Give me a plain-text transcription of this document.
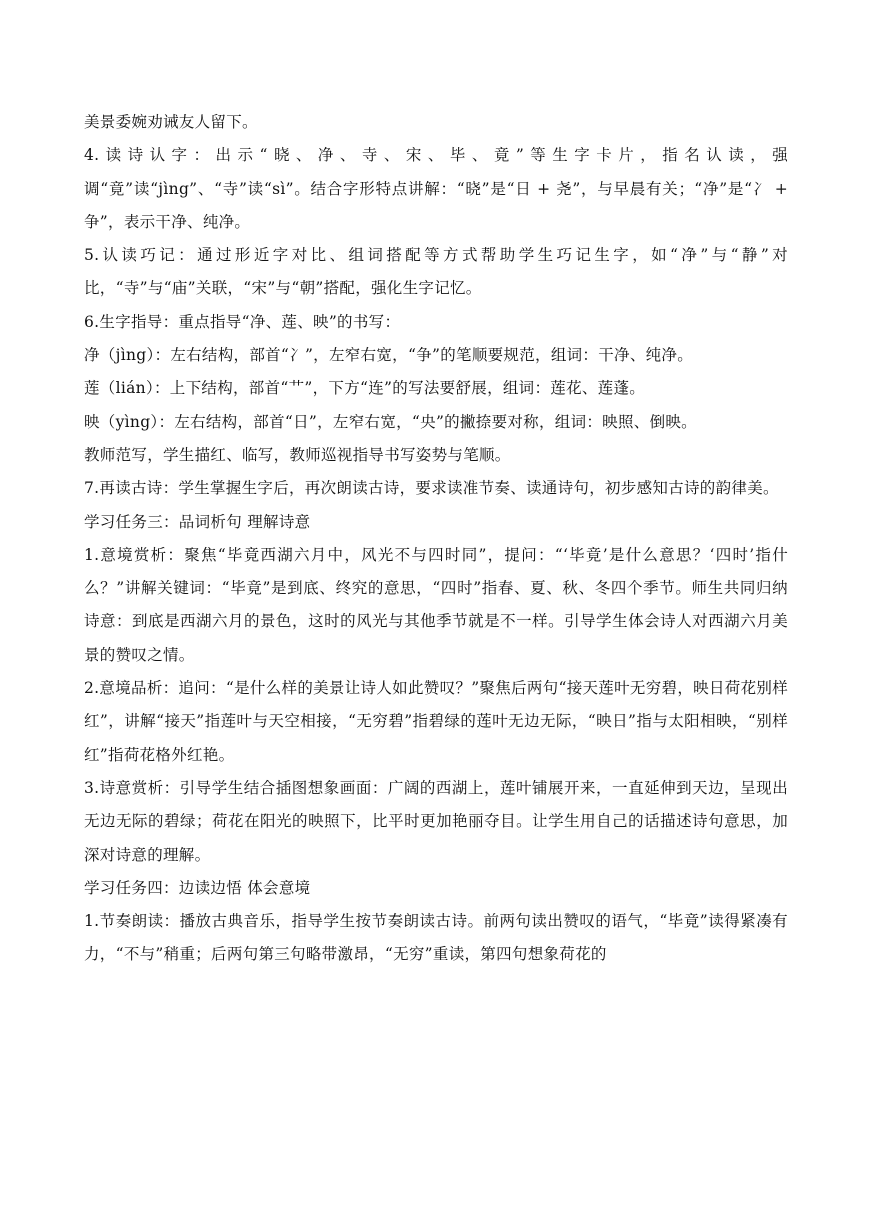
美景委婉劝诫友人留下。

4.读诗认字：出示“晓、净、寺、宋、毕、竟”等生字卡片，指名认读，强调“竟”读“jìng”、“寺”读“sì”。结合字形特点讲解：“晓”是“日 + 尧”，与早晨有关；“净”是“冫 + 争”，表示干净、纯净。

5.认读巧记：通过形近字对比、组词搭配等方式帮助学生巧记生字，如“净”与“静”对比，“寺”与“庙”关联，“宋”与“朝”搭配，强化生字记忆。

6.生字指导：重点指导“净、莲、映”的书写：

净（jìng）：左右结构，部首“冫”，左窄右宽，“争”的笔顺要规范，组词：干净、纯净。

莲（lián）：上下结构，部首“艹”，下方“连”的写法要舒展，组词：莲花、莲蓬。

映（yìng）：左右结构，部首“日”，左窄右宽，“央”的撇捺要对称，组词：映照、倒映。

教师范写，学生描红、临写，教师巡视指导书写姿势与笔顺。

7.再读古诗：学生掌握生字后，再次朗读古诗，要求读准节奏、读通诗句，初步感知古诗的韵律美。

学习任务三：品词析句 理解诗意

1.意境赏析：聚焦“毕竟西湖六月中，风光不与四时同”，提问：“‘毕竟’是什么意思？‘四时’指什么？”讲解关键词：“毕竟”是到底、终究的意思，“四时”指春、夏、秋、冬四个季节。师生共同归纳诗意：到底是西湖六月的景色，这时的风光与其他季节就是不一样。引导学生体会诗人对西湖六月美景的赞叹之情。

2.意境品析：追问：“是什么样的美景让诗人如此赞叹？”聚焦后两句“接天莲叶无穷碧，映日荷花别样红”，讲解“接天”指莲叶与天空相接，“无穷碧”指碧绿的莲叶无边无际，“映日”指与太阳相映，“别样红”指荷花格外红艳。

3.诗意赏析：引导学生结合插图想象画面：广阔的西湖上，莲叶铺展开来，一直延伸到天边，呈现出无边无际的碧绿；荷花在阳光的映照下，比平时更加艳丽夺目。让学生用自己的话描述诗句意思，加深对诗意的理解。

学习任务四：边读边悟 体会意境

1.节奏朗读：播放古典音乐，指导学生按节奏朗读古诗。前两句读出赞叹的语气，“毕竟”读得紧凑有力，“不与”稍重；后两句第三句略带激昂，“无穷”重读，第四句想象荷花的
